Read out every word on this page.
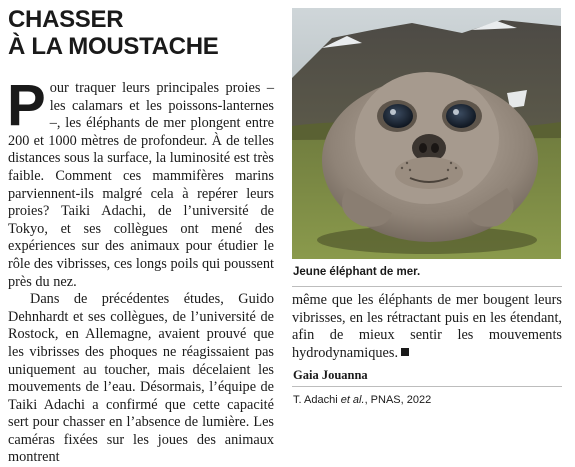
CHASSER
À LA MOUSTACHE

Pour traquer leurs principales proies – les calamars et les poissons-lanternes –, les éléphants de mer plongent entre 200 et 1000 mètres de profondeur. À de telles distances sous la surface, la luminosité est très faible. Comment ces mammifères marins parviennent-ils malgré cela à repérer leurs proies? Taiki Adachi, de l’université de Tokyo, et ses collègues ont mené des expériences sur des animaux pour étudier le rôle des vibrisses, ces longs poils qui poussent près du nez.

Dans de précédentes études, Guido Dehnhardt et ses collègues, de l’université de Rostock, en Allemagne, avaient prouvé que les vibrisses des phoques ne réagissaient pas uniquement au toucher, mais décelaient les mouvements de l’eau. Désormais, l’équipe de Taiki Adachi a confirmé que cette capacité sert pour chasser en l’absence de lumière. Les caméras fixées sur les joues des animaux montrent

Jeune éléphant de mer.

même que les éléphants de mer bougent leurs vibrisses, en les rétractant puis en les étendant, afin de mieux sentir les mouvements hydrodynamiques.

Gaia Jouanna
T. Adachi et al., PNAS, 2022
